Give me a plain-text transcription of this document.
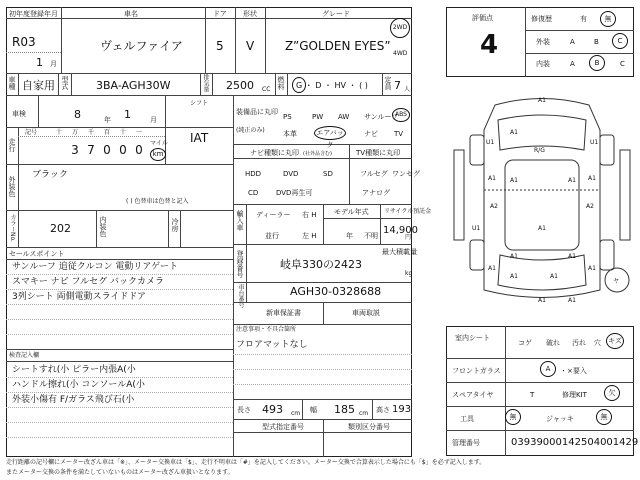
初年度登録年月	車名	ドア 形状	グレード
R03
1 月
ヴェルファイア	5 V	Z”GOLDEN EYES”
2WD
4WD
車種 自家用 型式 3BA-AGH30W	排気量 2500 CC 燃料 G ・ D ・ HV ・ ( ) 定員 7 人
車検	8	年 1	月
シフト
IAT
走行
記号	十 万 千 百 十 一
3 7 0 0 0	マイル
km
外装色
ブラック
( ) 色替車は色替と記入
カラーNo.	202	内装色	冷房
セールスポイント
サンルーフ 追従クルコン 電動リアゲート
スマキー ナビ フルセグ バックカメラ
3列シート 両側電動スライドドア
検査記入欄
シートすれ(小 ピラー内張A(小
ハンドル擦れ(小 コンソールA(小
外装小傷有 F/ガラス飛び石(小
装備品に丸印
(純正のみ)
PS	PW AW サンルーフ
ABS
本革	エアバック
ナビ TV
ナビ種類に丸印 (社外品含む)	TV種類に丸印
HDD	DVD	SD
CD	DVD再生可
フルセグ ワンセグ
アナログ
輸入車 ディーラー
並行
右 H
左 H
モデル年式
年 不明
リサイクル預託金
14,900
円
登録番号	最大積載量
岐阜330の2423
kg
車台番号	AGH30-0328688
新車保証書	車両取説
注意事項・不具合箇所
フロアマットなし
長さ 493 cm 幅 185 cm 高さ 193
型式指定番号	類別区分番号
評価点
4
修復歴	有	無
外装	A	B	C
内装	A	B	C
A1
A1
U1	U1
A1	A1
A1	A1
A2	A2
A1
U1
A1	A1
A1	A1
A1	A1
A1	A1
R/G
ヤ
室内シート
コゲ 破れ 汚れ 穴 キズ
フロントガラス	A	・×要入
スペアタイヤ	T	修理KIT	欠
工具	無	ジャッキ	無
管理番号	03939000142504001429
走行距離の記号欄にメーター改ざん車は「※」、メーター交換車は「$」、走行不明車は「#」を記入してください。メーター交換で合算表示した場合にも「$」を必ず記入します。
またメーター交換の条件を満たしていないものはメーター改ざん車扱いとなります。
